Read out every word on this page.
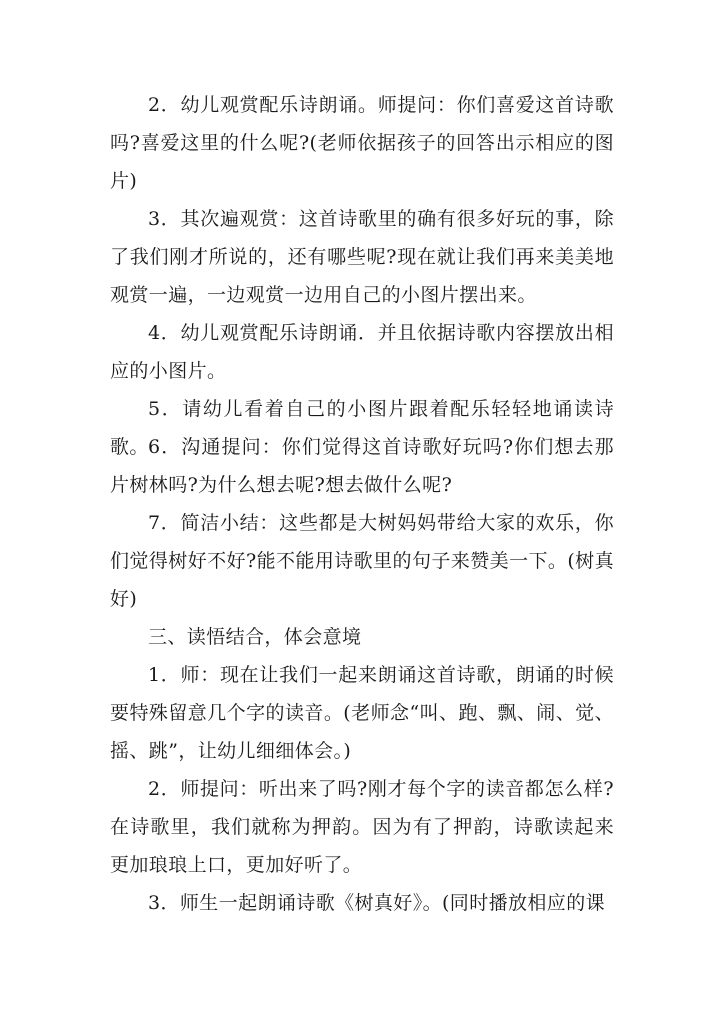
2．幼儿观赏配乐诗朗诵。师提问：你们喜爱这首诗歌吗?喜爱这里的什么呢?(老师依据孩子的回答出示相应的图片)

3．其次遍观赏：这首诗歌里的确有很多好玩的事，除了我们刚才所说的，还有哪些呢?现在就让我们再来美美地观赏一遍，一边观赏一边用自己的小图片摆出来。

4．幼儿观赏配乐诗朗诵．并且依据诗歌内容摆放出相应的小图片。

5．请幼儿看着自己的小图片跟着配乐轻轻地诵读诗歌。 6．沟通提问：你们觉得这首诗歌好玩吗?你们想去那片树林吗?为什么想去呢?想去做什么呢?

7．简洁小结：这些都是大树妈妈带给大家的欢乐，你们觉得树好不好?能不能用诗歌里的句子来赞美一下。(树真好)

三、读悟结合，体会意境

1．师：现在让我们一起来朗诵这首诗歌，朗诵的时候要特殊留意几个字的读音。(老师念“叫、跑、飘、闹、觉、摇、跳”，让幼儿细细体会。)

2．师提问：听出来了吗?刚才每个字的读音都怎么样?在诗歌里，我们就称为押韵。因为有了押韵，诗歌读起来更加琅琅上口，更加好听了。

3．师生一起朗诵诗歌《树真好》。(同时播放相应的课
